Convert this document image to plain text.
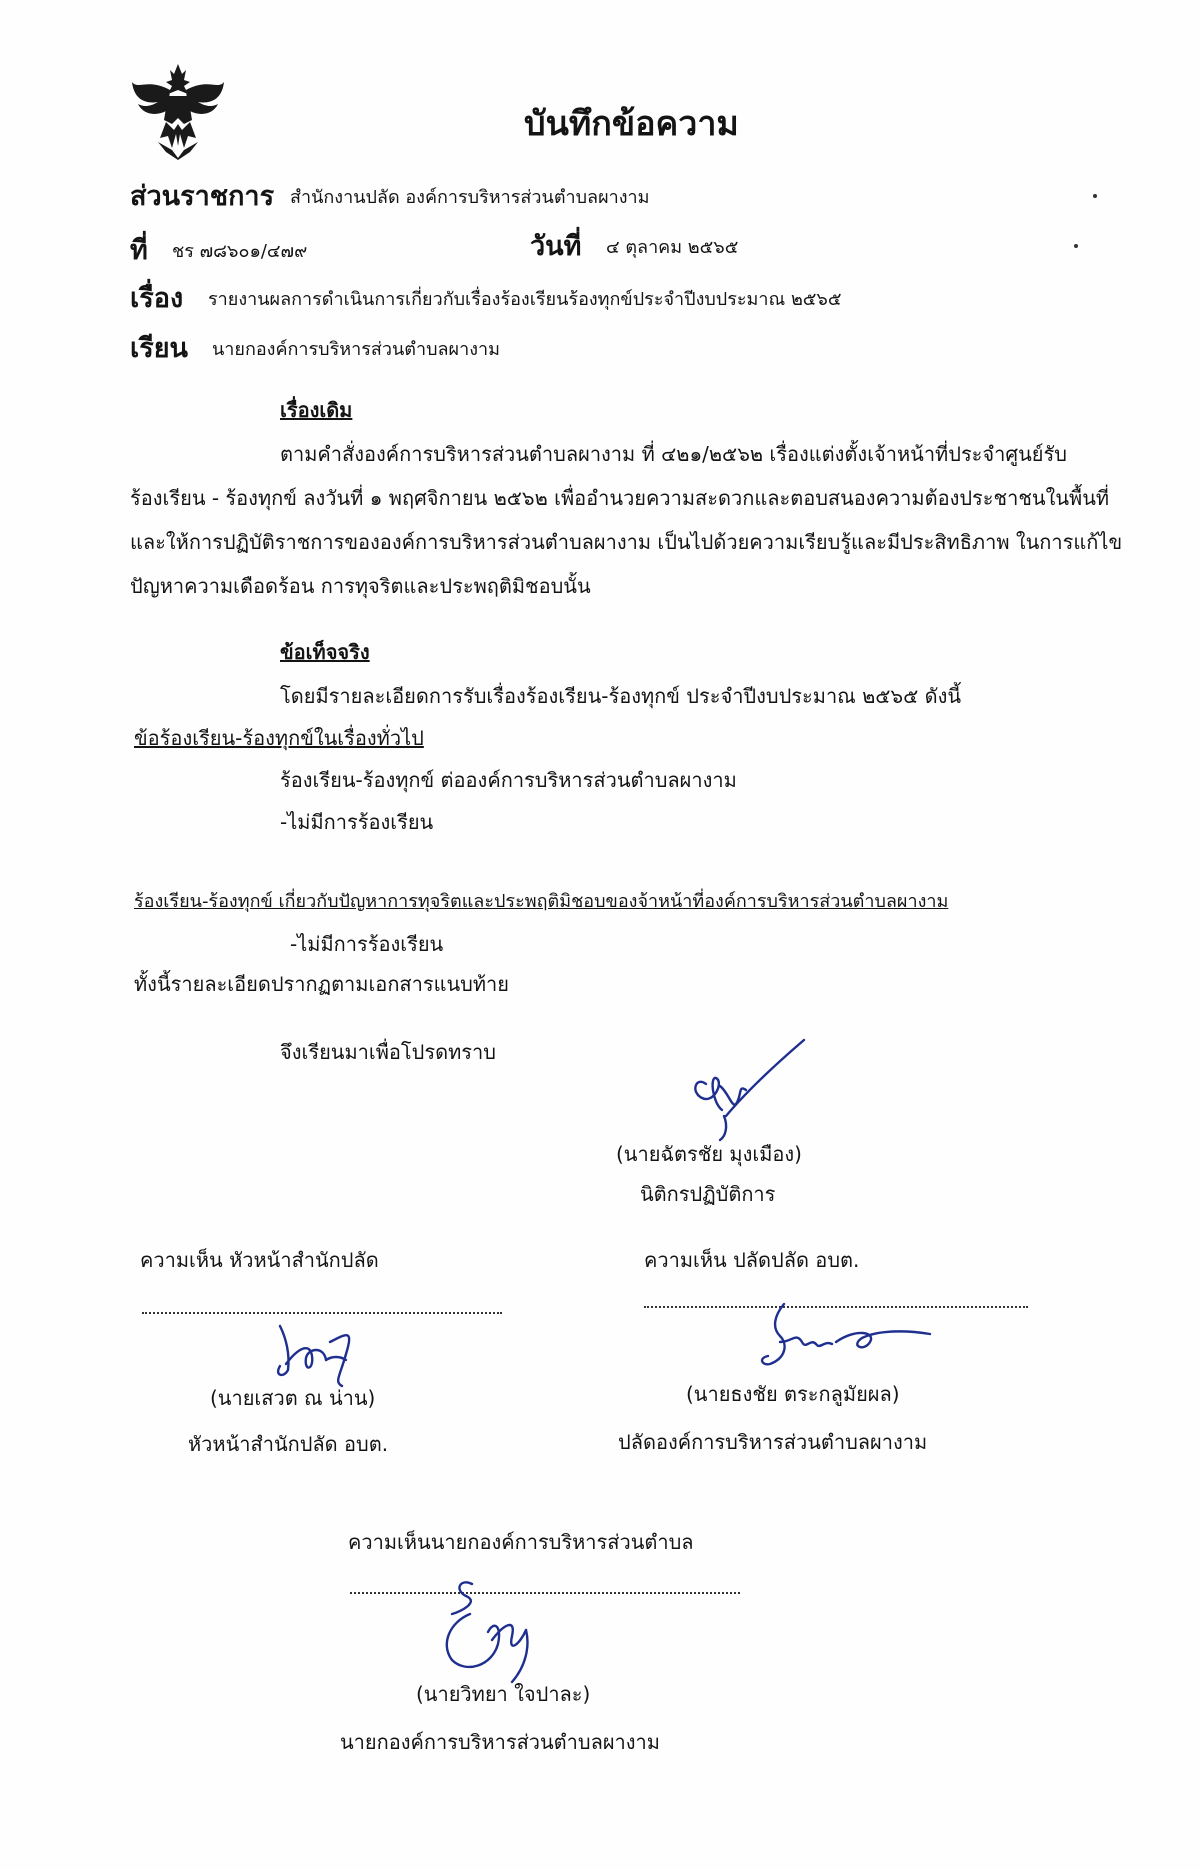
บันทึกข้อความ
ส่วนราชการ สำนักงานปลัด องค์การบริหารส่วนตำบลผางาม
ที่ ชร ๗๘๖๐๑/๔๗๙	วันที่ ๔ ตุลาคม ๒๕๖๕
เรื่อง รายงานผลการดำเนินการเกี่ยวกับเรื่องร้องเรียนร้องทุกข์ประจำปีงบประมาณ ๒๕๖๕
เรียน นายกองค์การบริหารส่วนตำบลผางาม
เรื่องเดิม
ตามคำสั่งองค์การบริหารส่วนตำบลผางาม ที่ ๔๒๑/๒๕๖๒ เรื่องแต่งตั้งเจ้าหน้าที่ประจำศูนย์รับ
ร้องเรียน - ร้องทุกข์ ลงวันที่ ๑ พฤศจิกายน ๒๕๖๒ เพื่ออำนวยความสะดวกและตอบสนองความต้องประชาชนในพื้นที่
และให้การปฏิบัติราชการขององค์การบริหารส่วนตำบลผางาม เป็นไปด้วยความเรียบรู้และมีประสิทธิภาพ ในการแก้ไข
ปัญหาความเดือดร้อน การทุจริตและประพฤติมิชอบนั้น
ข้อเท็จจริง
โดยมีรายละเอียดการรับเรื่องร้องเรียน-ร้องทุกข์ ประจำปีงบประมาณ ๒๕๖๕ ดังนี้
ข้อร้องเรียน-ร้องทุกข์ในเรื่องทั่วไป
ร้องเรียน-ร้องทุกข์ ต่อองค์การบริหารส่วนตำบลผางาม
-ไม่มีการร้องเรียน
ร้องเรียน-ร้องทุกข์ เกี่ยวกับปัญหาการทุจริตและประพฤติมิชอบของจ้าหน้าที่องค์การบริหารส่วนตำบลผางาม
-ไม่มีการร้องเรียน
ทั้งนี้รายละเอียดปรากฏตามเอกสารแนบท้าย
จึงเรียนมาเพื่อโปรดทราบ
(นายฉัตรชัย มุงเมือง)
นิติกรปฏิบัติการ
ความเห็น หัวหน้าสำนักปลัด	ความเห็น ปลัดปลัด อบต.
(นายเสวต ณ น่าน)
หัวหน้าสำนักปลัด อบต.
(นายธงชัย ตระกลูมัยผล)
ปลัดองค์การบริหารส่วนตำบลผางาม
ความเห็นนายกองค์การบริหารส่วนตำบล
(นายวิทยา ใจปาละ)
นายกองค์การบริหารส่วนตำบลผางาม
